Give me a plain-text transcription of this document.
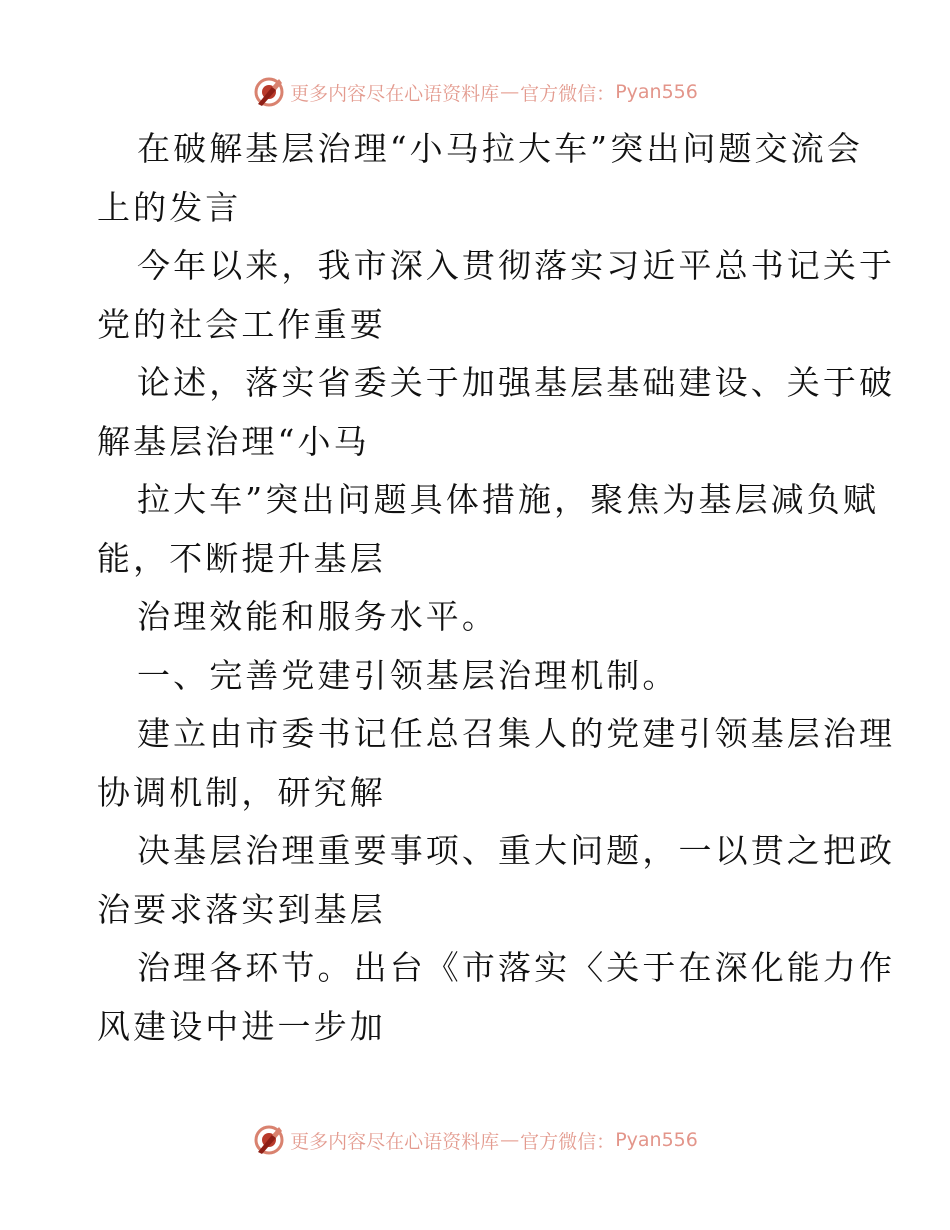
更多内容尽在心语资料库 — 官方微信： Pyan556
在破解基层治理“小马拉大车”突出问题交流会
上的发言
今年以来，我市深入贯彻落实习近平总书记关于
党的社会工作重要
论述，落实省委关于加强基层基础建设、关于破
解基层治理“小马
拉大车”突出问题具体措施，聚焦为基层减负赋
能，不断提升基层
治理效能和服务水平。
一、完善党建引领基层治理机制。
建立由市委书记任总召集人的党建引领基层治理
协调机制，研究解
决基层治理重要事项、重大问题，一以贯之把政
治要求落实到基层
治理各环节。出台《市落实〈关于在深化能力作
风建设中进一步加
更多内容尽在心语资料库 — 官方微信： Pyan556
